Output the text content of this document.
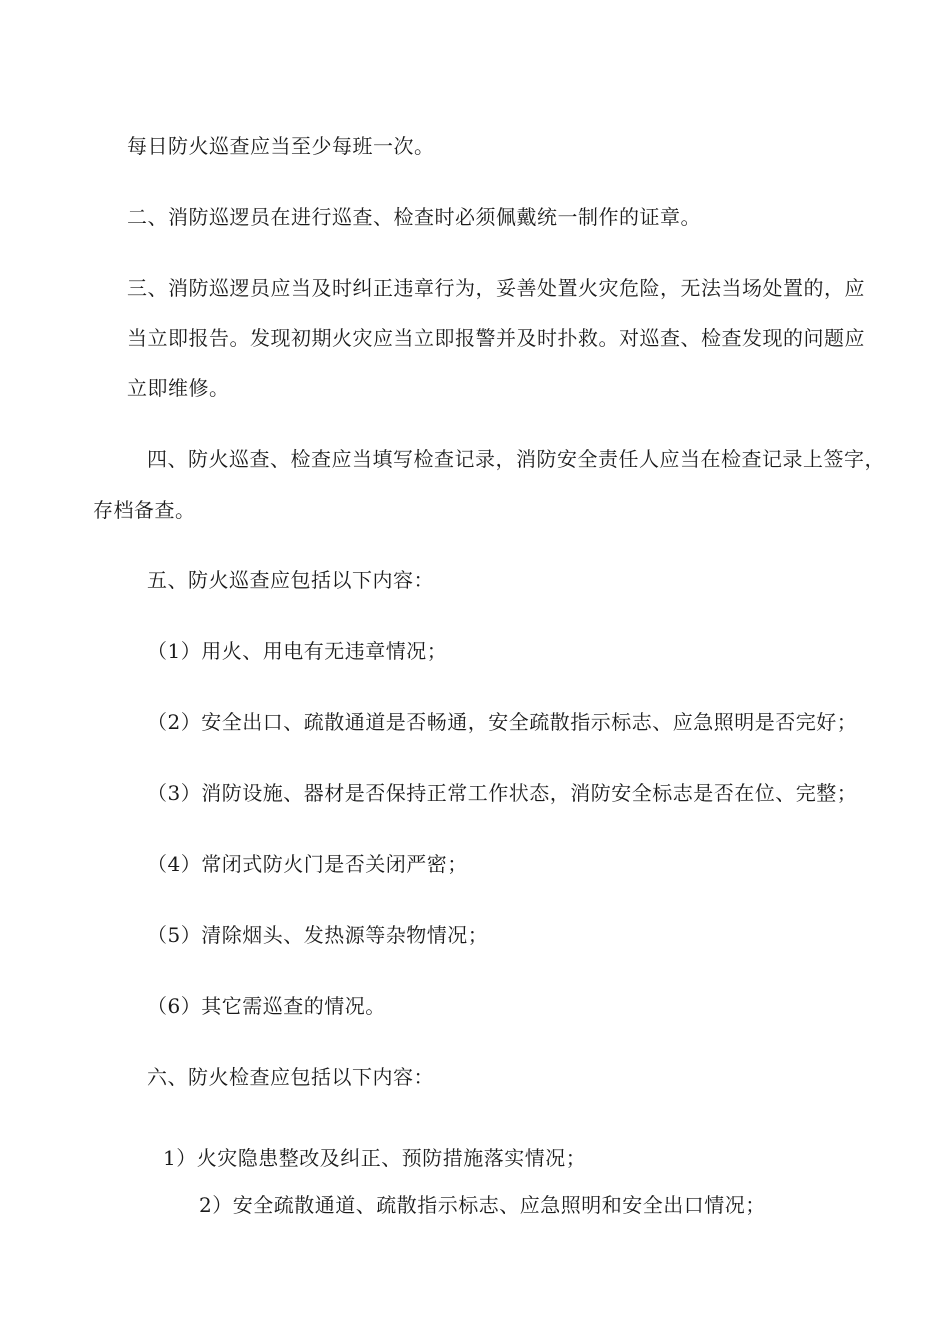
每日防火巡查应当至少每班一次。
二、消防巡逻员在进行巡查、检查时必须佩戴统一制作的证章。
三、消防巡逻员应当及时纠正违章行为，妥善处置火灾危险，无法当场处置的，应
当立即报告。发现初期火灾应当立即报警并及时扑救。对巡查、检查发现的问题应
立即维修。
四、防火巡查、检查应当填写检查记录，消防安全责任人应当在检查记录上签字，
存档备查。
五、防火巡查应包括以下内容：
（1）用火、用电有无违章情况；
（2）安全出口、疏散通道是否畅通，安全疏散指示标志、应急照明是否完好；
（3）消防设施、器材是否保持正常工作状态，消防安全标志是否在位、完整；
（4）常闭式防火门是否关闭严密；
（5）清除烟头、发热源等杂物情况；
（6）其它需巡查的情况。
六、防火检查应包括以下内容：
1）火灾隐患整改及纠正、预防措施落实情况；
2）安全疏散通道、疏散指示标志、应急照明和安全出口情况；
